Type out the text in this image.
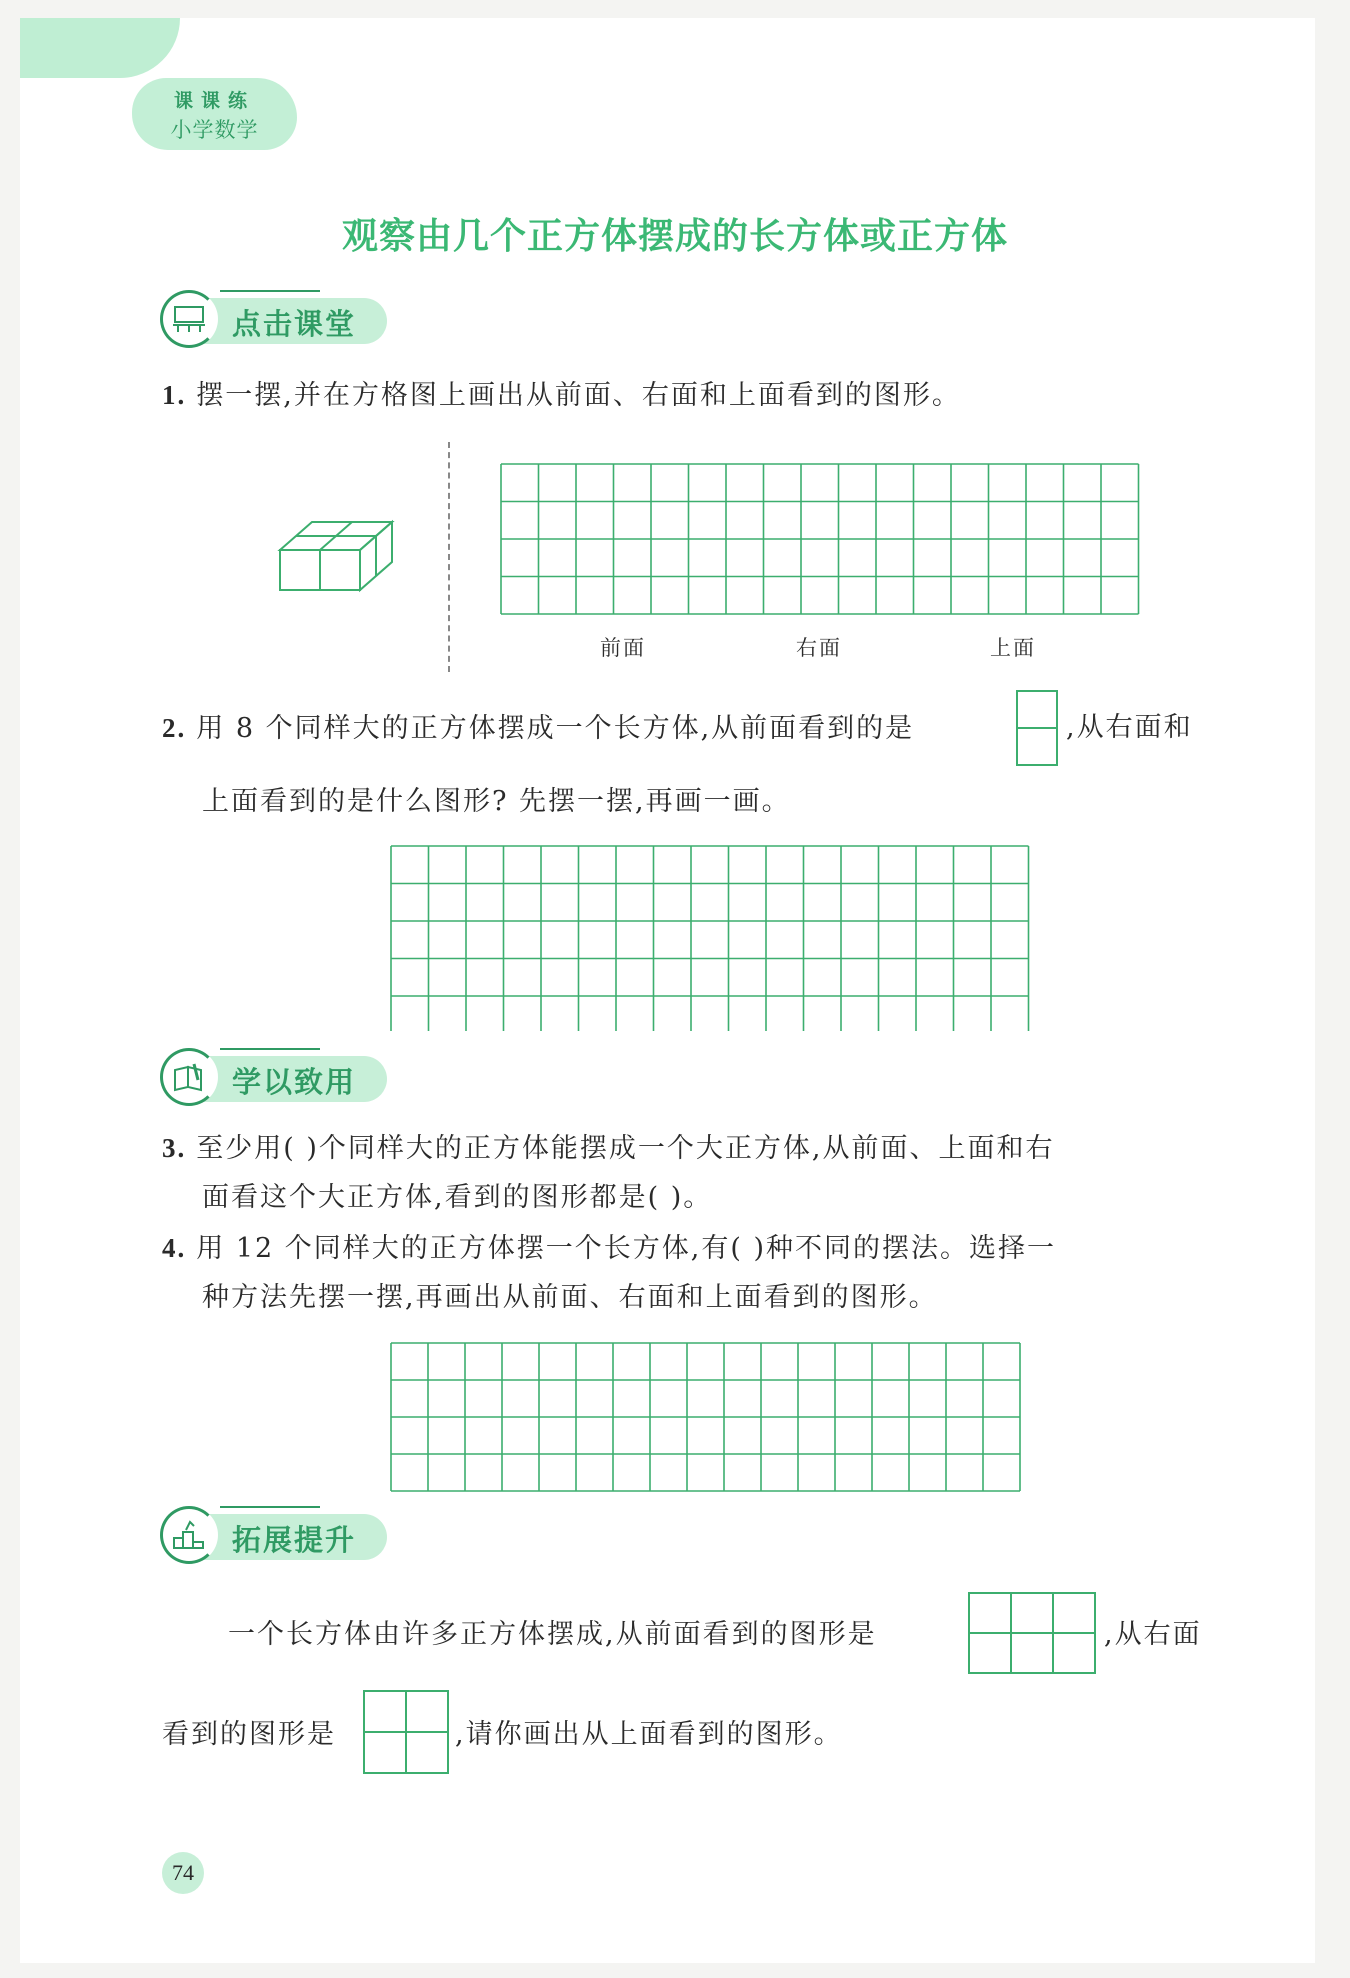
课课练
小学数学
观察由几个正方体摆成的长方体或正方体
点击课堂
1. 摆一摆,并在方格图上画出从前面、右面和上面看到的图形。
前面	右面	上面
2. 用 8 个同样大的正方体摆成一个长方体,从前面看到的是	,从右面和
上面看到的是什么图形? 先摆一摆,再画一画。
学以致用
3. 至少用( )个同样大的正方体能摆成一个大正方体,从前面、上面和右
面看这个大正方体,看到的图形都是( )。
4. 用 12 个同样大的正方体摆一个长方体,有( )种不同的摆法。选择一
种方法先摆一摆,再画出从前面、右面和上面看到的图形。
拓展提升
一个长方体由许多正方体摆成,从前面看到的图形是	,从右面
看到的图形是	,请你画出从上面看到的图形。
74
